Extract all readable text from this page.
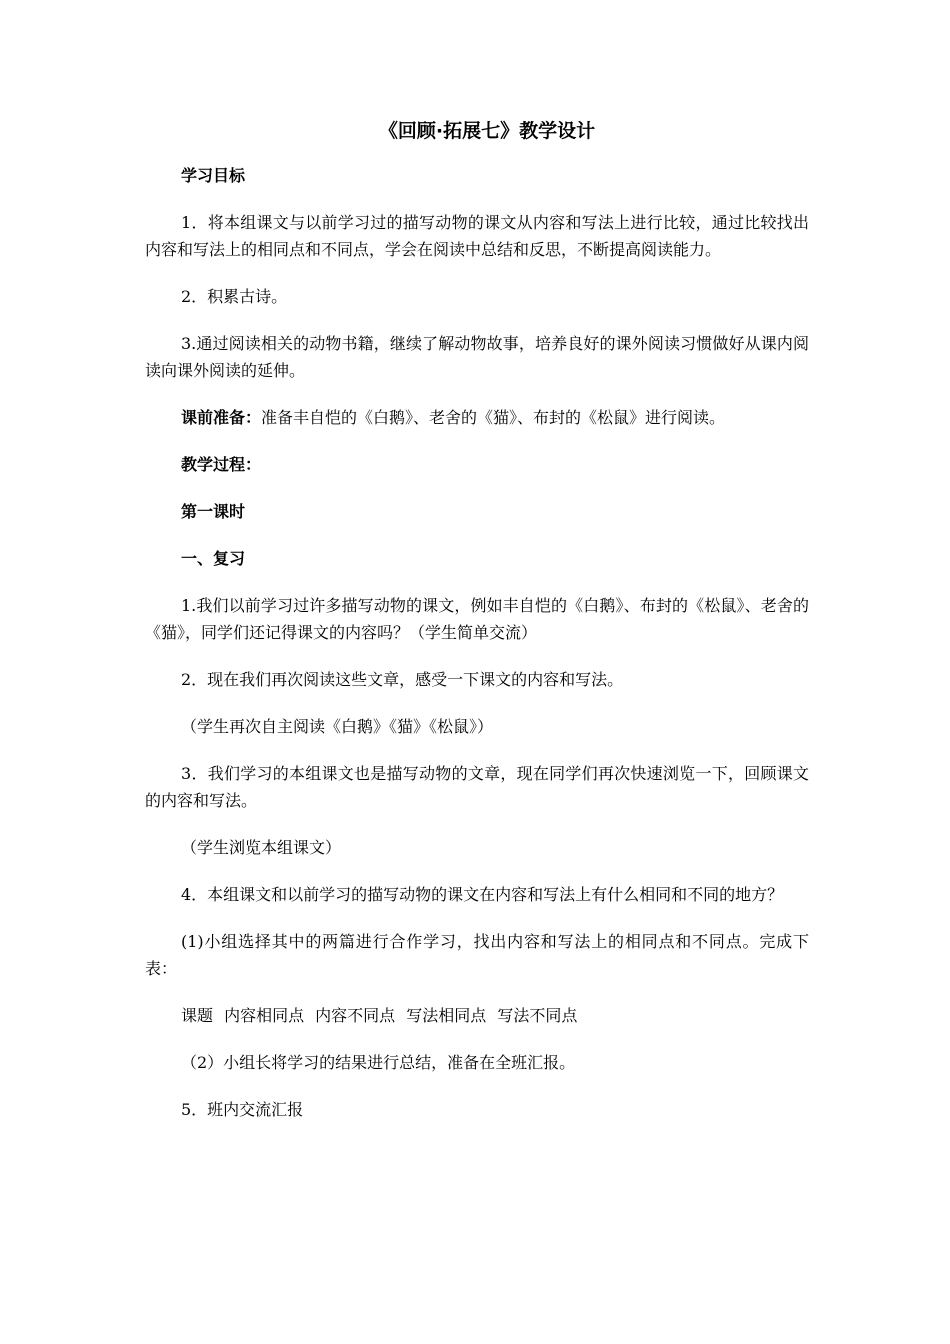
《回顾·拓展七》教学设计
学习目标
1．将本组课文与以前学习过的描写动物的课文从内容和写法上进行比较，通过比较找出内容和写法上的相同点和不同点，学会在阅读中总结和反思，不断提高阅读能力。
2．积累古诗。
3.通过阅读相关的动物书籍，继续了解动物故事，培养良好的课外阅读习惯做好从课内阅读向课外阅读的延伸。
课前准备：准备丰自恺的《白鹅》、老舍的《猫》、布封的《松鼠》进行阅读。
教学过程：
第一课时
一、复习
1.我们以前学习过许多描写动物的课文，例如丰自恺的《白鹅》、布封的《松鼠》、老舍的《猫》，同学们还记得课文的内容吗？（学生简单交流）
2．现在我们再次阅读这些文章，感受一下课文的内容和写法。
（学生再次自主阅读《白鹅》《猫》《松鼠》）
3．我们学习的本组课文也是描写动物的文章，现在同学们再次快速浏览一下，回顾课文的内容和写法。
（学生浏览本组课文）
4．本组课文和以前学习的描写动物的课文在内容和写法上有什么相同和不同的地方？
(1)小组选择其中的两篇进行合作学习，找出内容和写法上的相同点和不同点。完成下表：
课题 内容相同点 内容不同点 写法相同点 写法不同点
（2）小组长将学习的结果进行总结，准备在全班汇报。
5．班内交流汇报
